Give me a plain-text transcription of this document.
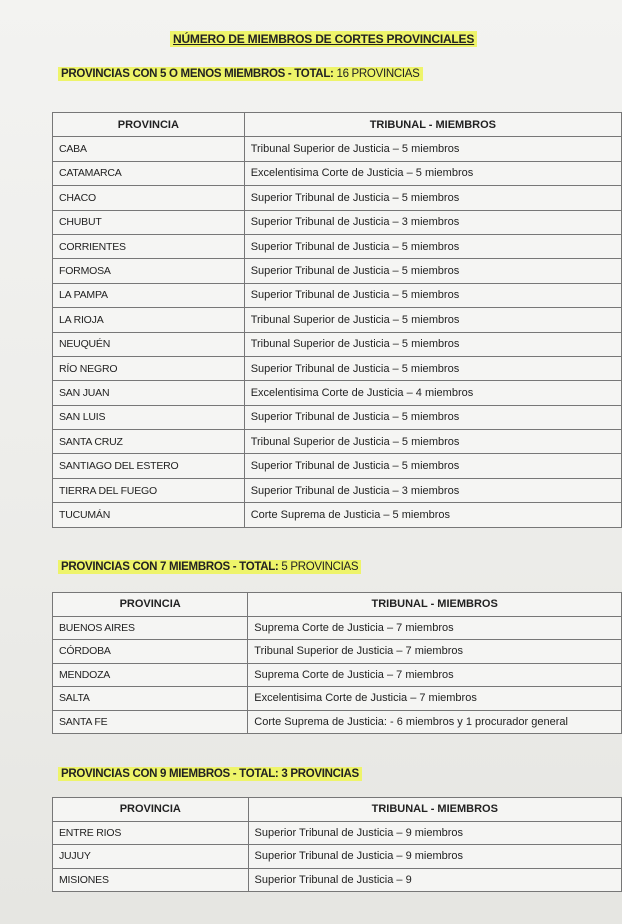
NÚMERO DE MIEMBROS DE CORTES PROVINCIALES
PROVINCIAS CON 5 O MENOS MIEMBROS - TOTAL: 16 PROVINCIAS
PROVINCIA	TRIBUNAL - MIEMBROS
CABA	Tribunal Superior de Justicia – 5 miembros
CATAMARCA	Excelentisima Corte de Justicia – 5 miembros
CHACO	Superior Tribunal de Justicia – 5 miembros
CHUBUT	Superior Tribunal de Justicia – 3 miembros
CORRIENTES	Superior Tribunal de Justicia – 5 miembros
FORMOSA	Superior Tribunal de Justicia – 5 miembros
LA PAMPA	Superior Tribunal de Justicia – 5 miembros
LA RIOJA	Tribunal Superior de Justicia – 5 miembros
NEUQUÉN	Tribunal Superior de Justicia – 5 miembros
RÍO NEGRO	Superior Tribunal de Justicia – 5 miembros
SAN JUAN	Excelentisima Corte de Justicia – 4 miembros
SAN LUIS	Superior Tribunal de Justicia – 5 miembros
SANTA CRUZ	Tribunal Superior de Justicia – 5 miembros
SANTIAGO DEL ESTERO	Superior Tribunal de Justicia – 5 miembros
TIERRA DEL FUEGO	Superior Tribunal de Justicia – 3 miembros
TUCUMÁN	Corte Suprema de Justicia – 5 miembros
PROVINCIAS CON 7 MIEMBROS - TOTAL: 5 PROVINCIAS
PROVINCIA	TRIBUNAL - MIEMBROS
BUENOS AIRES	Suprema Corte de Justicia – 7 miembros
CÓRDOBA	Tribunal Superior de Justicia – 7 miembros
MENDOZA	Suprema Corte de Justicia – 7 miembros
SALTA	Excelentisima Corte de Justicia – 7 miembros
SANTA FE	Corte Suprema de Justicia: - 6 miembros y 1 procurador general
PROVINCIAS CON 9 MIEMBROS - TOTAL: 3 PROVINCIAS
PROVINCIA	TRIBUNAL - MIEMBROS
ENTRE RIOS	Superior Tribunal de Justicia – 9 miembros
JUJUY	Superior Tribunal de Justicia – 9 miembros
MISIONES	Superior Tribunal de Justicia – 9
